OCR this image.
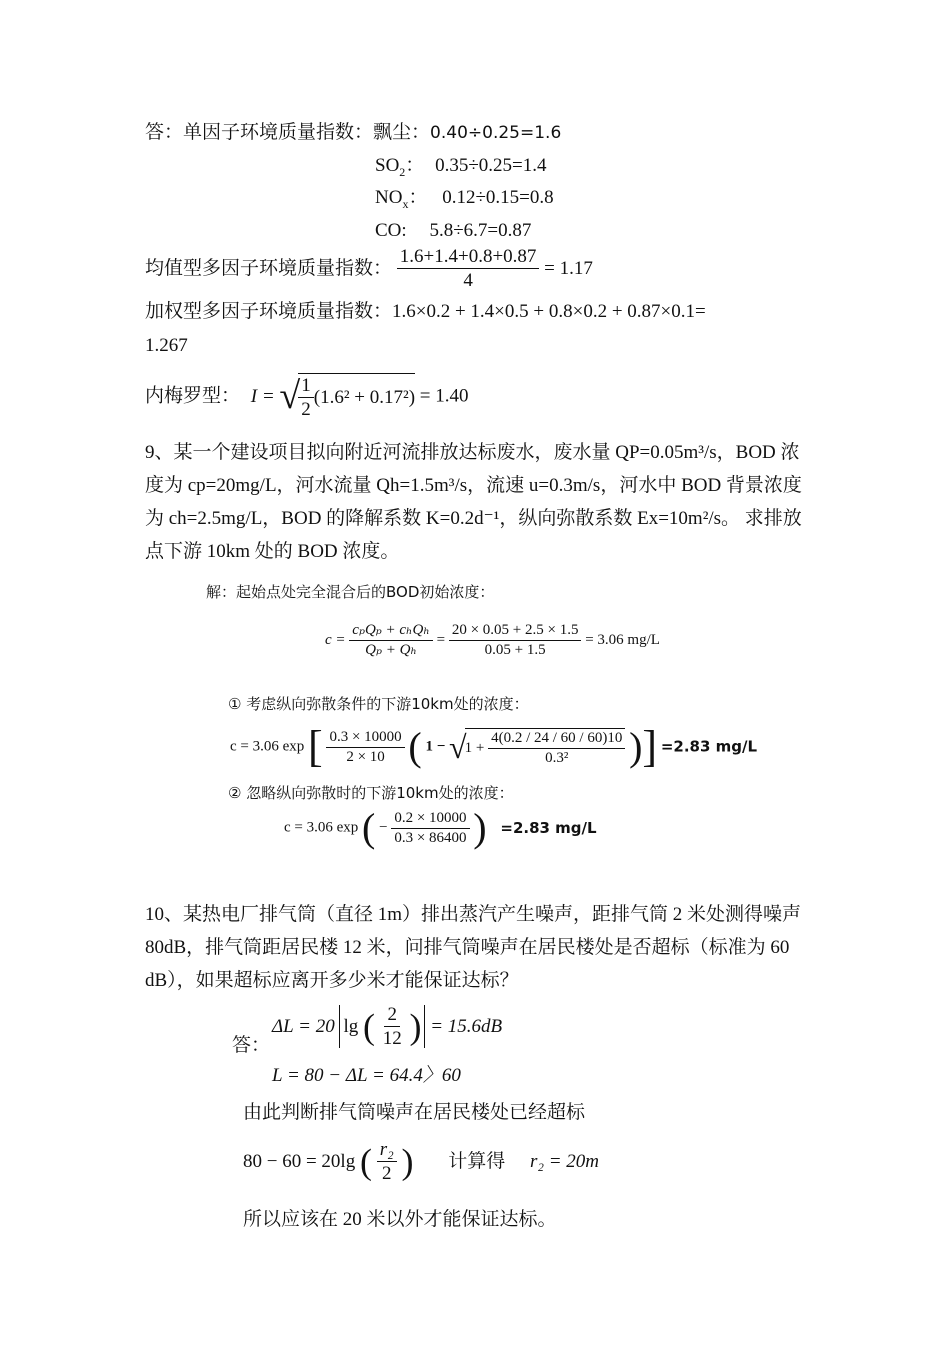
答：单因子环境质量指数：飘尘：0.40÷0.25=1.6
$SO_2$： 0.35÷0.25=1.4
$NO_x$： 0.12÷0.15=0.8
CO: 5.8÷6.7=0.87
均值型多因子环境质量指数： $\frac{1.6+1.4+0.8+0.87}{4} = 1.17$
加权型多因子环境质量指数：1.6×0.2 + 1.4×0.5 + 0.8×0.2 + 0.87×0.1=
1.267
内梅罗型： I = √
$\frac{1}{2} (1.6^2 + 0.17^2) = 1.40$
9、某一个建设项目拟向附近河流排放达标废水，废水量 QP=0.05m³/s，BOD 浓
度为 cp=20mg/L，河水流量 Qh=1.5m³/s，流速 u=0.3m/s，河水中 BOD 背景浓度
为 ch=2.5mg/L，BOD 的降解系数 K=0.2d⁻¹，纵向弥散系数 Ex=10m²/s。 求排放
点下游 10km 处的 BOD 浓度。
解：起始点处完全混合后的BOD初始浓度：
$c = \frac{\text{cₚQₚ + cₕQₕ}}{\text{Qₚ + Qₕ}} = \frac{20 \times 0.05 + 2.5 \times 1.5}{0.05 + 1.5} = 3.06$ mg/L
① 考虑纵向弥散条件的下游10km处的浓度：
c = 3.06 exp [ $\frac{0.3 \times 10000}{2 \times 10}$ ( $1 - √1 + \frac{4(0.2 / 24 / 60 / 60)10}{\text{0.3²}}$ )] =2.83 mg/L
② 忽略纵向弥散时的下游10km处的浓度：
c = 3.06 exp ( − $\frac{0.2 \times 10000}{0.3 \times 86400}$ ) =2.83 mg/L
10、某热电厂排气筒（直径 1m）排出蒸汽产生噪声，距排气筒 2 米处测得噪声
80dB，排气筒距居民楼 12 米，问排气筒噪声在居民楼处是否超标（标准为 60
dB），如果超标应离开多少米才能保证达标？
答：
ΔL = 20 lg ( $\frac{2}{12}$ ) = 15.6dB
L = 80 − ΔL = 64.4〉60
由此判断排气筒噪声在居民楼处已经超标
80 − 60 = 20lg ( $\frac{\text{r₂}}{2}$ ) 计算得 r₂ = 20m
所以应该在 20 米以外才能保证达标。
